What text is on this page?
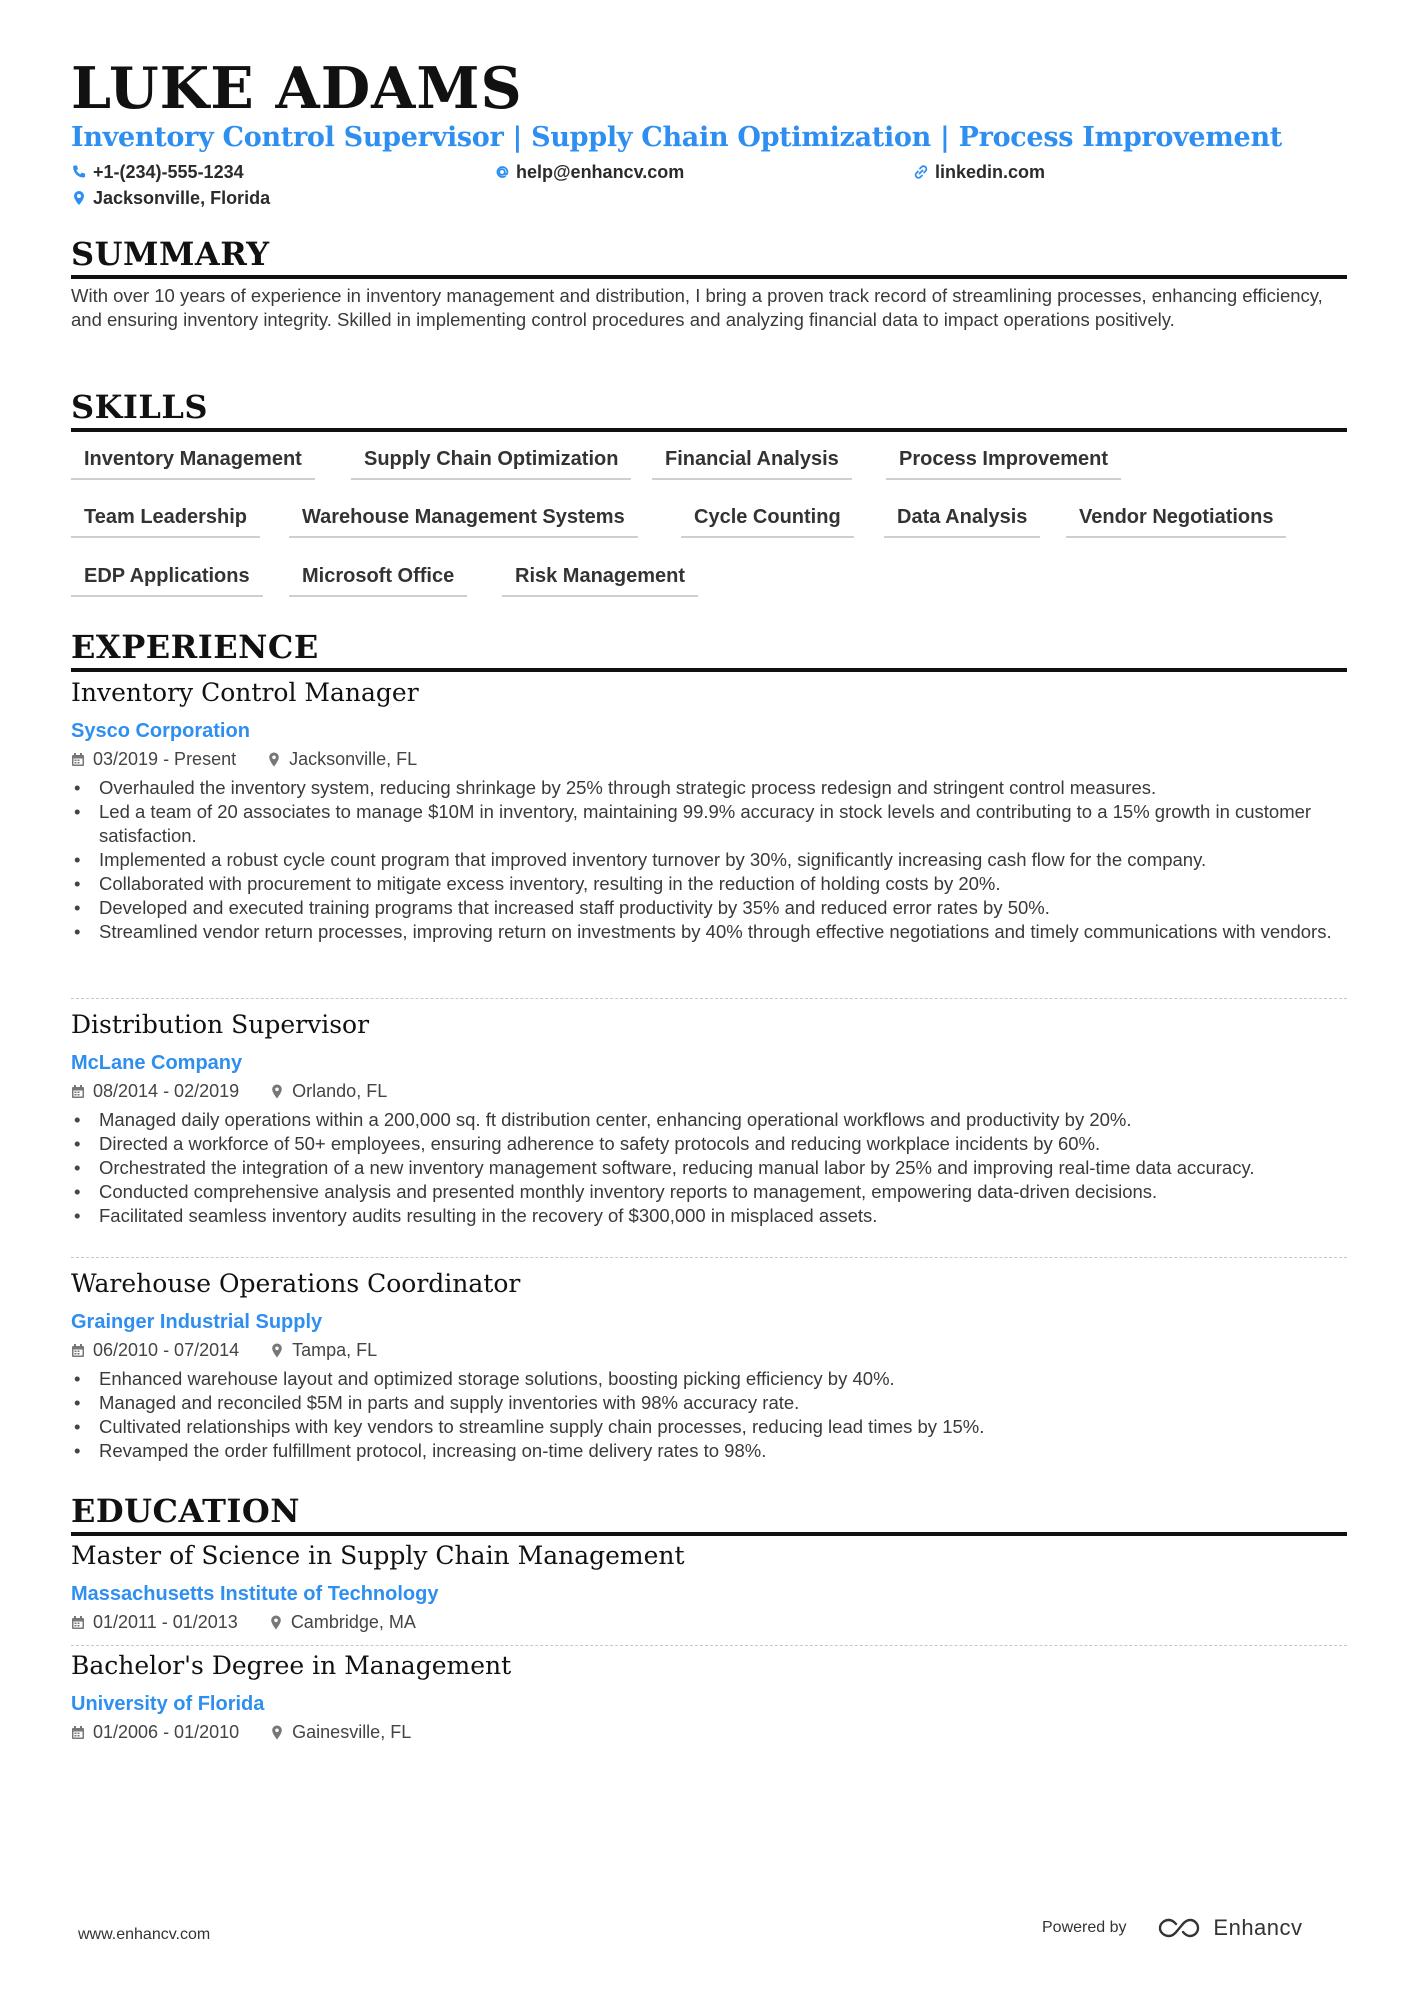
LUKE ADAMS
Inventory Control Supervisor | Supply Chain Optimization | Process Improvement
+1-(234)-555-1234	help@enhancv.com	linkedin.com
Jacksonville, Florida
SUMMARY
With over 10 years of experience in inventory management and distribution, I bring a proven track record of streamlining processes, enhancing efficiency, and ensuring inventory integrity. Skilled in implementing control procedures and analyzing financial data to impact operations positively.
SKILLS
Inventory Management	Supply Chain Optimization	Financial Analysis	Process Improvement
Team Leadership	Warehouse Management Systems	Cycle Counting	Data Analysis	Vendor Negotiations
EDP Applications	Microsoft Office	Risk Management
EXPERIENCE
Inventory Control Manager
Sysco Corporation
03/2019 - Present	Jacksonville, FL
• Overhauled the inventory system, reducing shrinkage by 25% through strategic process redesign and stringent control measures.
• Led a team of 20 associates to manage $10M in inventory, maintaining 99.9% accuracy in stock levels and contributing to a 15% growth in customer satisfaction.
• Implemented a robust cycle count program that improved inventory turnover by 30%, significantly increasing cash flow for the company.
• Collaborated with procurement to mitigate excess inventory, resulting in the reduction of holding costs by 20%.
• Developed and executed training programs that increased staff productivity by 35% and reduced error rates by 50%.
• Streamlined vendor return processes, improving return on investments by 40% through effective negotiations and timely communications with vendors.
Distribution Supervisor
McLane Company
08/2014 - 02/2019	Orlando, FL
• Managed daily operations within a 200,000 sq. ft distribution center, enhancing operational workflows and productivity by 20%.
• Directed a workforce of 50+ employees, ensuring adherence to safety protocols and reducing workplace incidents by 60%.
• Orchestrated the integration of a new inventory management software, reducing manual labor by 25% and improving real-time data accuracy.
• Conducted comprehensive analysis and presented monthly inventory reports to management, empowering data-driven decisions.
• Facilitated seamless inventory audits resulting in the recovery of $300,000 in misplaced assets.
Warehouse Operations Coordinator
Grainger Industrial Supply
06/2010 - 07/2014	Tampa, FL
• Enhanced warehouse layout and optimized storage solutions, boosting picking efficiency by 40%.
• Managed and reconciled $5M in parts and supply inventories with 98% accuracy rate.
• Cultivated relationships with key vendors to streamline supply chain processes, reducing lead times by 15%.
• Revamped the order fulfillment protocol, increasing on-time delivery rates to 98%.
EDUCATION
Master of Science in Supply Chain Management
Massachusetts Institute of Technology
01/2011 - 01/2013	Cambridge, MA
Bachelor's Degree in Management
University of Florida
01/2006 - 01/2010	Gainesville, FL
www.enhancv.com	Powered by	Enhancv
